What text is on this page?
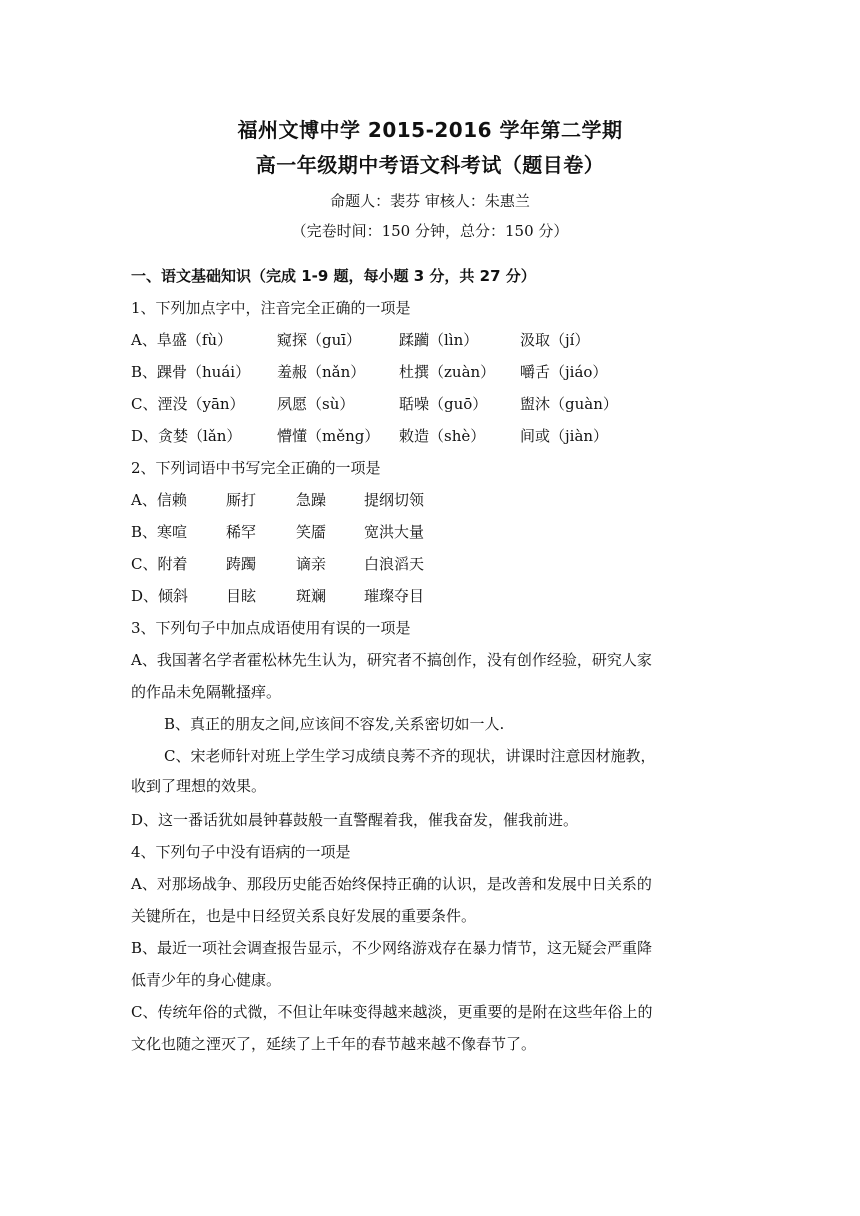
福州文博中学 2015-2016 学年第二学期
高一年级期中考语文科考试（题目卷）
命题人：裴芬 审核人：朱惠兰
（完卷时间：150 分钟，总分：150 分）
一、语文基础知识（完成 1-9 题，每小题 3 分，共 27 分）
1、下列加点字中，注音完全正确的一项是
A、阜盛（fù）	窥探（guī）	蹂躏（lìn）	汲取（jí）
B、踝骨（huái） 羞赧（nǎn） 杜撰（zuàn） 嚼舌（jiáo）
C、湮没（yān） 夙愿（sù）	聒噪（guō） 盥沐（guàn）
D、贪婪（lǎn） 懵懂（měng） 敕造（shè） 间或（jiàn）
2、下列词语中书写完全正确的一项是
A、信赖	厮打	急躁	提纲切领
B、寒喧	稀罕	笑靥	宽洪大量
C、附着	踌躅	谪亲	白浪滔天
D、倾斜	目眩	斑斓	璀璨夺目
3、下列句子中加点成语使用有误的一项是
A、我国著名学者霍松林先生认为，研究者不搞创作，没有创作经验，研究人家
的作品未免隔靴搔痒。
B、真正的朋友之间,应该间不容发,关系密切如一人.
C、宋老师针对班上学生学习成绩良莠不齐的现状，讲课时注意因材施教，
收到了理想的效果。
D、这一番话犹如晨钟暮鼓般一直警醒着我，催我奋发，催我前进。
4、下列句子中没有语病的一项是
A、对那场战争、那段历史能否始终保持正确的认识，是改善和发展中日关系的
关键所在，也是中日经贸关系良好发展的重要条件。
B、最近一项社会调查报告显示，不少网络游戏存在暴力情节，这无疑会严重降
低青少年的身心健康。
C、传统年俗的式微，不但让年味变得越来越淡，更重要的是附在这些年俗上的
文化也随之湮灭了，延续了上千年的春节越来越不像春节了。
